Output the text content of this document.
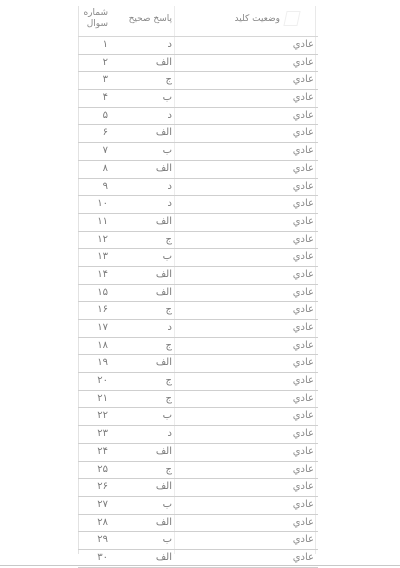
شماره
سوال	پاسخ صحیح	وضعیت کلید
۱	د	عادي
۲	الف	عادي
۳	ج	عادي
۴	ب	عادي
۵	د	عادي
۶	الف	عادي
۷	ب	عادي
۸	الف	عادي
۹	د	عادي
۱۰	د	عادي
۱۱	الف	عادي
۱۲	ج	عادي
۱۳	ب	عادي
۱۴	الف	عادي
۱۵	الف	عادي
۱۶	ج	عادي
۱۷	د	عادي
۱۸	ج	عادي
۱۹	الف	عادي
۲۰	ج	عادي
۲۱	ج	عادي
۲۲	ب	عادي
۲۳	د	عادي
۲۴	الف	عادي
۲۵	ج	عادي
۲۶	الف	عادي
۲۷	ب	عادي
۲۸	الف	عادي
۲۹	ب	عادي
۳۰	الف	عادي
